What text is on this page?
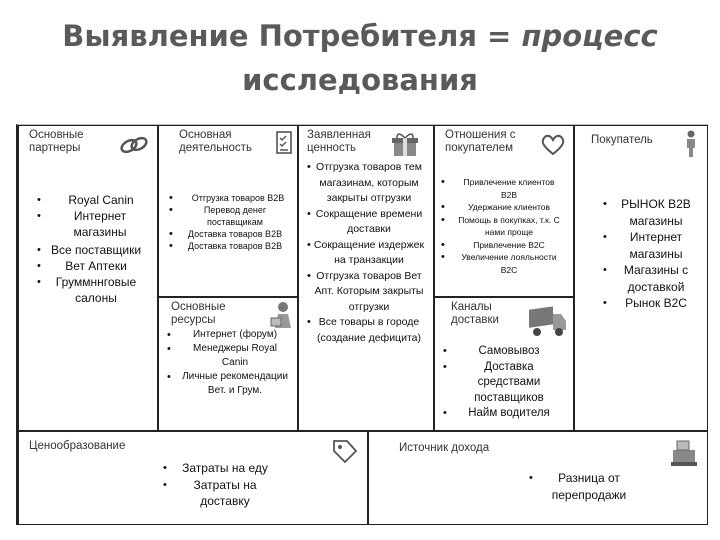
Выявление Потребителя = процесс
исследования
Основные партнеры
• Royal Canin
• Интернет магазины
• Все поставщики
• Вет Аптеки
• Груммннговые салоны
Основная деятельность
• Отгрузка товаров B2B
• Перевод денег поставщикам
• Доставка товаров B2B
• Доставка товаров B2B
Основные ресурсы
• Интернет (форум)
• Менеджеры Royal Canin
• Личные рекомендации Вет. и Грум.
Заявленная ценность
• Отгрузка товаров тем магазинам, которым закрыты отгрузки
• Сокращение времени доставки
• Сокращение издержек на транзакции
• Отгрузка товаров Вет Апт. Которым закрыты отгрузки
• Все товары в городе (создание дефицита)
Отношения с покупателем
• Привлечение клиентов B2B
• Удержание клиентов
• Помощь в покупках, т.к. С нами проще
• Привлечение B2C
• Увеличение лояльности B2C
Каналы доставки
• Самовывоз
• Доставка средствами поставщиков
• Найм водителя
Покупатель
• РЫНОК B2B магазины
• Интернет магазины
• Магазины с доставкой
• Рынок B2C
Ценообразование
• Затраты на еду
• Затраты на доставку
Источник дохода
• Разница от перепродажи
